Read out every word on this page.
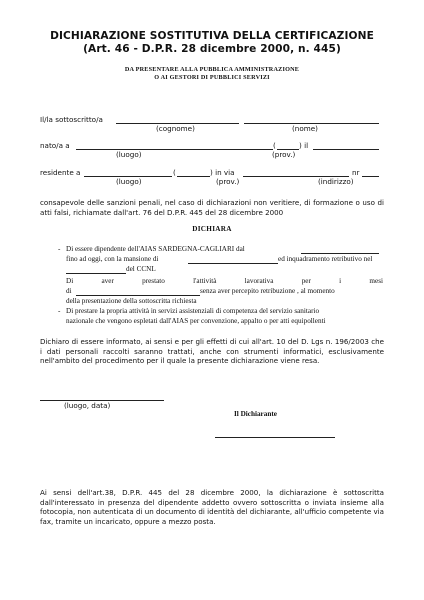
DICHIARAZIONE SOSTITUTIVA DELLA CERTIFICAZIONE
(Art. 46 - D.P.R. 28 dicembre 2000, n. 445)
DA PRESENTARE ALLA PUBBLICA AMMINISTRAZIONE
O AI GESTORI DI PUBBLICI SERVIZI
Il/la sottoscritto/a
(cognome)	(nome)
nato/a a	(	) il
(luogo)	(prov.)
residente a	(	) in via	nr
(luogo)	(prov.)	(indirizzo)
consapevole delle sanzioni penali, nel caso di dichiarazioni non veritiere, di formazione o uso di atti falsi, richiamate dall'art. 76 del D.P.R. 445 del 28 dicembre 2000
DICHIARA
- Di essere dipendente dell'AIAS SARDEGNA-CAGLIARI dal
fino ad oggi, con la mansione di	ed inquadramento retributivo nel
del CCNL
Di aver prestato l'attività lavorativa per i mesi
di	senza aver percepito retribuzione , al momento
della presentazione della sottoscritta richiesta
- Di prestare la propria attività in servizi assistenziali di competenza del servizio sanitario
nazionale che vengono espletati dall'AIAS per convenzione, appalto o per atti equipollenti
Dichiaro di essere informato, ai sensi e per gli effetti di cui all'art. 10 del D. Lgs n. 196/2003 che i dati personali raccolti saranno trattati, anche con strumenti informatici, esclusivamente nell'ambito del procedimento per il quale la presente dichiarazione viene resa.
(luogo, data)
Il Dichiarante
Ai sensi dell'art.38, D.P.R. 445 del 28 dicembre 2000, la dichiarazione è sottoscritta dall'interessato in presenza del dipendente addetto ovvero sottoscritta o inviata insieme alla fotocopia, non autenticata di un documento di identità del dichiarante, all'ufficio competente via fax, tramite un incaricato, oppure a mezzo posta.
